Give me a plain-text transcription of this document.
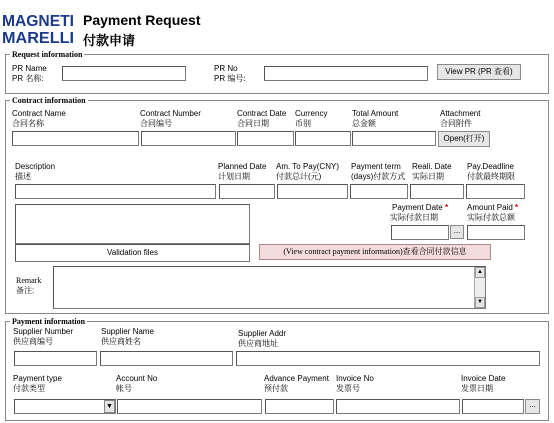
MAGNETI
MARELLI
Payment Request
付款申请
Request information
PR Name
PR 名称:
PR No
PR 编号:
View PR (PR 查看)
Contract information
Contract Name
合同名称
Contract Number
合同编号
Contract Date
合同日期
Currency
币别
Total Amount
总金额
Attachment
合同附件
Open(打开)
Description
描述
Planned Date
计划日期
Am. To Pay(CNY)
付款总计(元)
Payment term
(days)付款方式
Reali. Date
实际日期
Pay.Deadline
付款最终期限
Validation files
Payment Date *
实际付款日期
...
Amount Paid *
实际付款总额
(View contract payment information)查看合同付款信息
Remark
备注:
▲
▼
Payment information
Supplier Number
供应商编号
Supplier Name
供应商姓名
Supplier Addr
供应商地址
Payment type
付款类型
▼
Account No
帐号
Advance Payment
预付款
Invoice No
发票号
Invoice Date
发票日期
...
